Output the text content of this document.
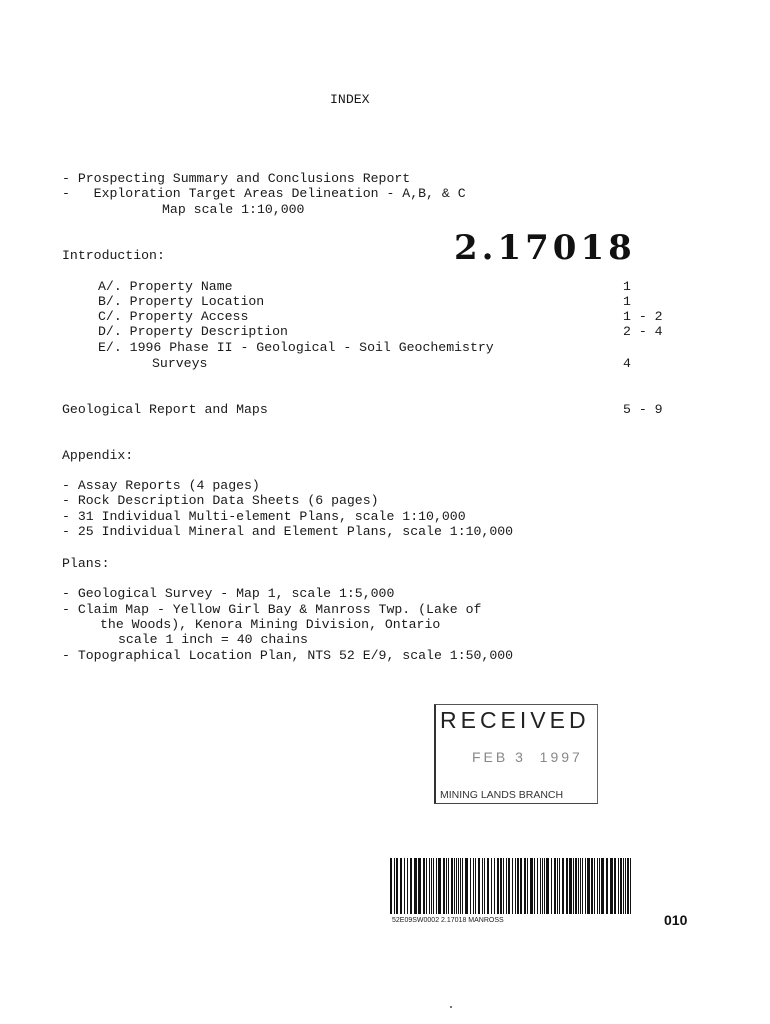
INDEX
- Prospecting Summary and Conclusions Report
-   Exploration Target Areas Delineation - A,B, & C
Map scale 1:10,000
2.17018
Introduction:
A/. Property Name	1
B/. Property Location	1
C/. Property Access	1 - 2
D/. Property Description	2 - 4
E/. 1996 Phase II - Geological - Soil Geochemistry
Surveys	4
Geological Report and Maps	5 - 9
Appendix:
- Assay Reports (4 pages)
- Rock Description Data Sheets (6 pages)
- 31 Individual Multi-element Plans, scale 1:10,000
- 25 Individual Mineral and Element Plans, scale 1:10,000
Plans:
- Geological Survey - Map 1, scale 1:5,000
- Claim Map - Yellow Girl Bay & Manross Twp. (Lake of
the Woods), Kenora Mining Division, Ontario
scale 1 inch = 40 chains
- Topographical Location Plan, NTS 52 E/9, scale 1:50,000
RECEIVED
FEB 3  1997
MINING LANDS BRANCH
52E09SW0002 2.17018 MANROSS	010
